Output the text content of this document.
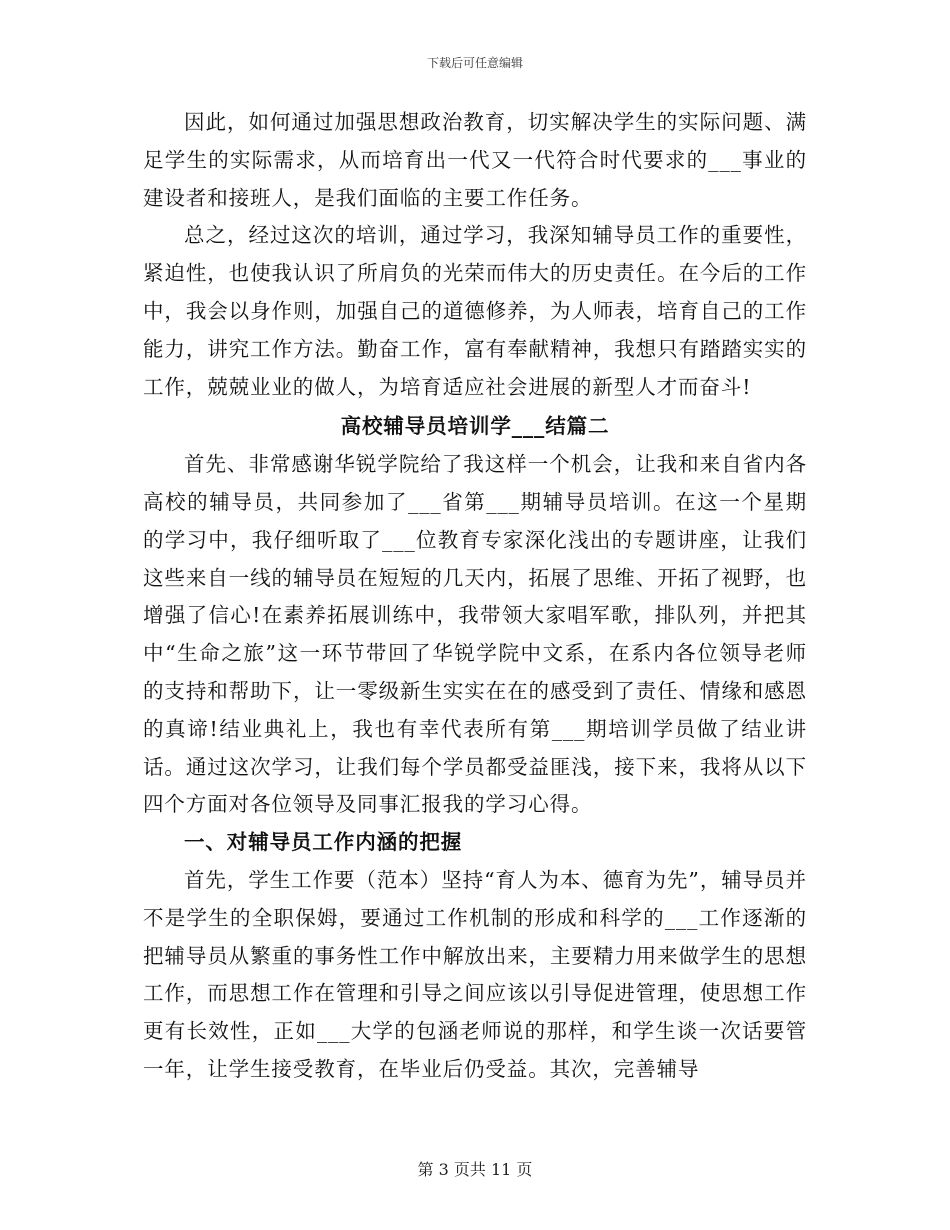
下载后可任意编辑

因此，如何通过加强思想政治教育，切实解决学生的实际问题、满足学生的实际需求，从而培育出一代又一代符合时代要求的___事业的建设者和接班人，是我们面临的主要工作任务。

总之，经过这次的培训，通过学习，我深知辅导员工作的重要性，紧迫性，也使我认识了所肩负的光荣而伟大的历史责任。在今后的工作中，我会以身作则，加强自己的道德修养，为人师表，培育自己的工作能力，讲究工作方法。勤奋工作，富有奉献精神，我想只有踏踏实实的工作，兢兢业业的做人，为培育适应社会进展的新型人才而奋斗!

高校辅导员培训学___结篇二

首先、非常感谢华锐学院给了我这样一个机会，让我和来自省内各高校的辅导员，共同参加了___省第___期辅导员培训。在这一个星期的学习中，我仔细听取了___位教育专家深化浅出的专题讲座，让我们这些来自一线的辅导员在短短的几天内，拓展了思维、开拓了视野，也增强了信心!在素养拓展训练中，我带领大家唱军歌，排队列，并把其中“生命之旅”这一环节带回了华锐学院中文系，在系内各位领导老师的支持和帮助下，让一零级新生实实在在的感受到了责任、情缘和感恩的真谛!结业典礼上，我也有幸代表所有第___期培训学员做了结业讲话。通过这次学习，让我们每个学员都受益匪浅，接下来，我将从以下四个方面对各位领导及同事汇报我的学习心得。

一、对辅导员工作内涵的把握

首先，学生工作要（范本）坚持“育人为本、德育为先”，辅导员并不是学生的全职保姆，要通过工作机制的形成和科学的___工作逐渐的把辅导员从繁重的事务性工作中解放出来，主要精力用来做学生的思想工作，而思想工作在管理和引导之间应该以引导促进管理，使思想工作更有长效性，正如___大学的包涵老师说的那样，和学生谈一次话要管一年，让学生接受教育，在毕业后仍受益。其次，完善辅导

第 3 页共 11 页
